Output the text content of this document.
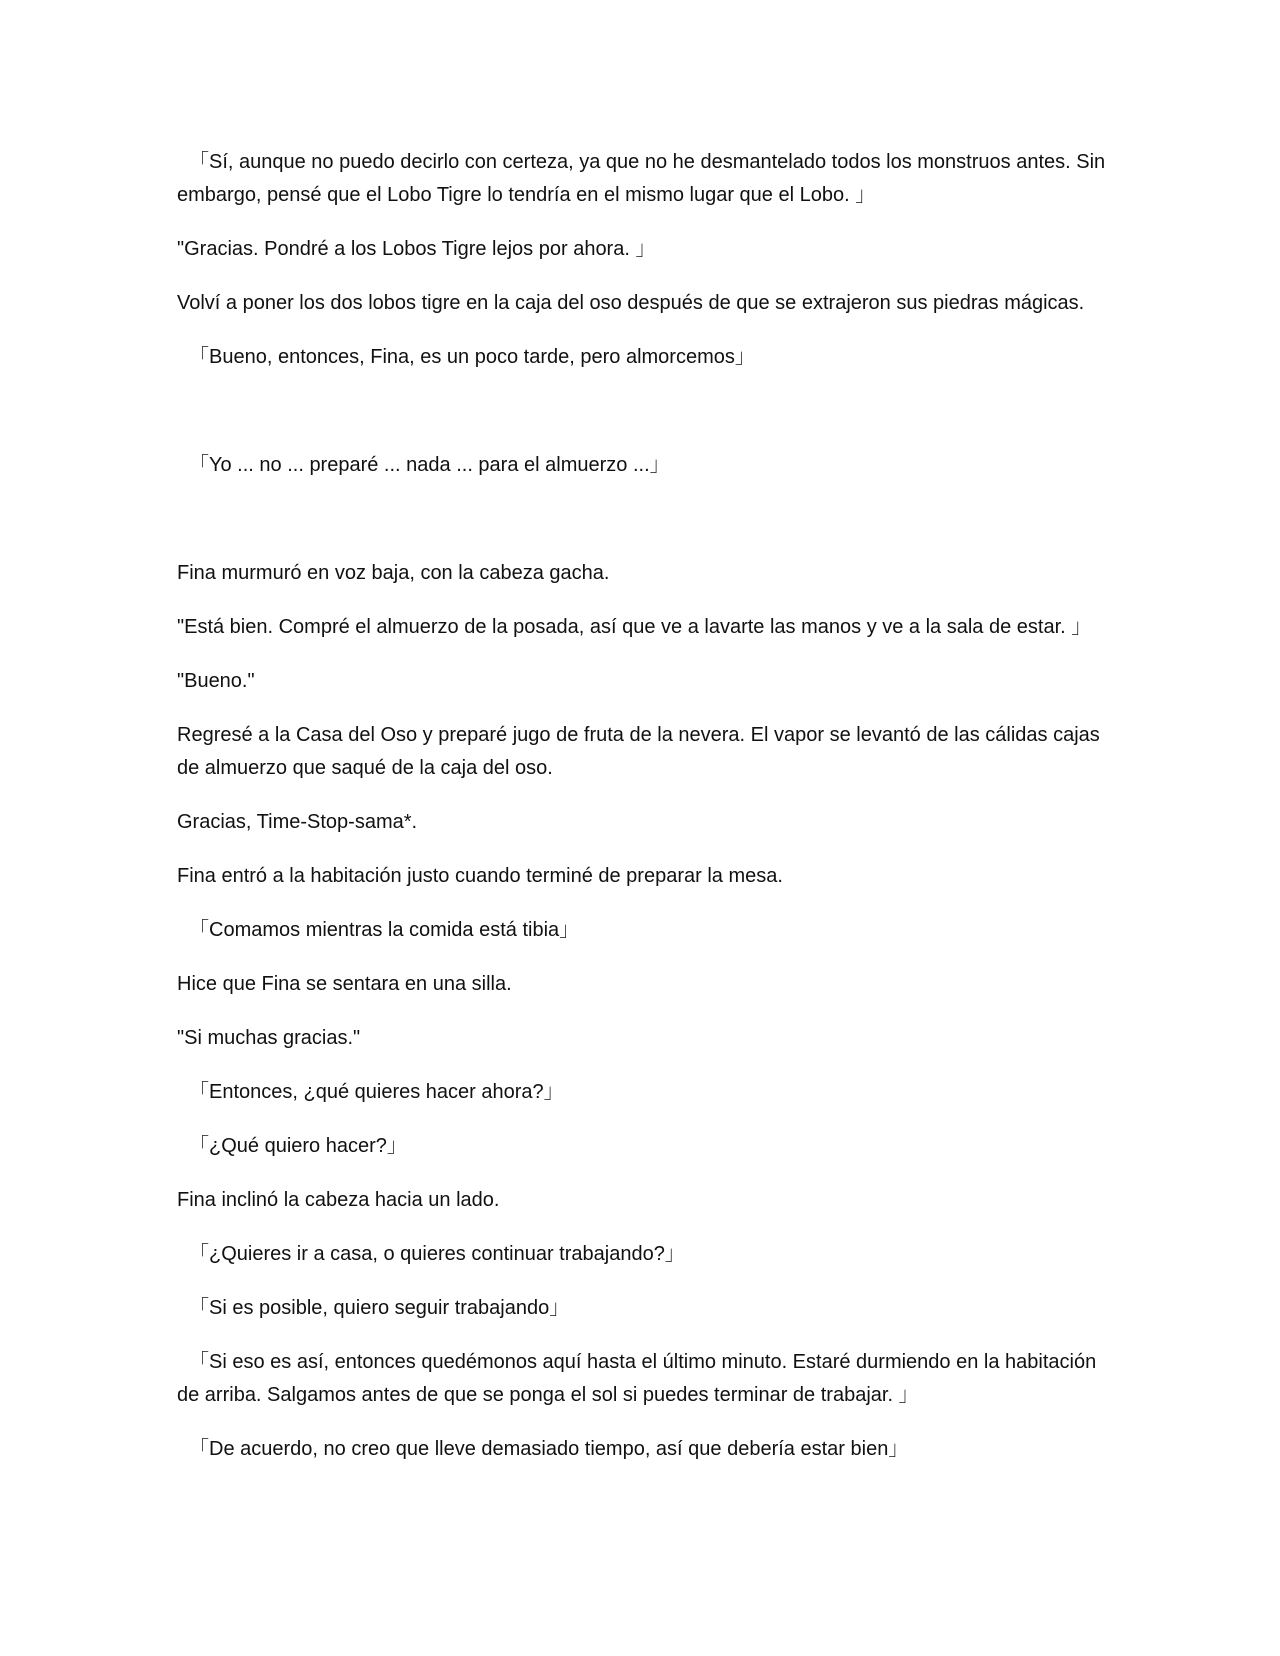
「Sí, aunque no puedo decirlo con certeza, ya que no he desmantelado todos los monstruos antes. Sin embargo, pensé que el Lobo Tigre lo tendría en el mismo lugar que el Lobo. 」

"Gracias. Pondré a los Lobos Tigre lejos por ahora. 」

Volví a poner los dos lobos tigre en la caja del oso después de que se extrajeron sus piedras mágicas.

「Bueno, entonces, Fina, es un poco tarde, pero almorcemos」

「Yo ... no ... preparé ... nada ... para el almuerzo ...」

Fina murmuró en voz baja, con la cabeza gacha.

"Está bien. Compré el almuerzo de la posada, así que ve a lavarte las manos y ve a la sala de estar. 」

"Bueno."

Regresé a la Casa del Oso y preparé jugo de fruta de la nevera. El vapor se levantó de las cálidas cajas de almuerzo que saqué de la caja del oso.

Gracias, Time-Stop-sama*.

Fina entró a la habitación justo cuando terminé de preparar la mesa.

「Comamos mientras la comida está tibia」

Hice que Fina se sentara en una silla.

"Si muchas gracias."

「Entonces, ¿qué quieres hacer ahora?」

「¿Qué quiero hacer?」

Fina inclinó la cabeza hacia un lado.

「¿Quieres ir a casa, o quieres continuar trabajando?」

「Si es posible, quiero seguir trabajando」

「Si eso es así, entonces quedémonos aquí hasta el último minuto. Estaré durmiendo en la habitación de arriba. Salgamos antes de que se ponga el sol si puedes terminar de trabajar. 」

「De acuerdo, no creo que lleve demasiado tiempo, así que debería estar bien」
